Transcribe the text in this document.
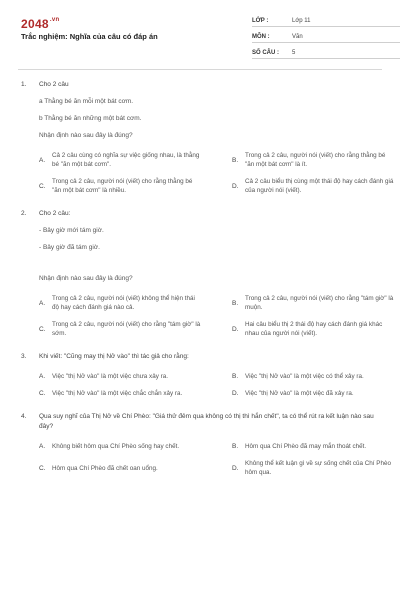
$2048^{.vn}$
Trắc nghiệm: Nghĩa của câu có đáp án
LỚP :	Lớp 11
MÔN :	Văn
SỐ CÂU :	5
1.	Cho 2 câu
a Thằng bé ăn mỗi một bát cơm.
b Thằng bé ăn những một bát cơm.
Nhận định nào sau đây là đúng?
A.
Cả 2 câu cùng có nghĩa sự việc giống nhau, là thằng bé "ăn một bát cơm".
B.
Trong cả 2 câu, người nói (viết) cho rằng thằng bé "ăn một bát cơm" là ít.
C.
Trong cả 2 câu, người nói (viết) cho rằng thằng bé "ăn một bát cơm" là nhiều.
D.
Cả 2 câu biểu thị cùng một thái độ hay cách đánh giá của người nói (viết).
2.	Cho 2 câu:
- Bây giờ mới tám giờ.
- Bây giờ đã tám giờ.
Nhận định nào sau đây là đúng?
A.
Trong cả 2 câu, người nói (viết) không thể hiện thái độ hay cách đánh giá nào cả.
B.
Trong cả 2 câu, người nói (viết) cho rằng "tám giờ" là muộn.
C.
Trong cả 2 câu, người nói (viết) cho rằng "tám giờ" là sớm.
D.
Hai câu biểu thị 2 thái độ hay cách đánh giá khác nhau của người nói (viết).
3.	Khi viết: "Cũng may thị Nở vào" thì tác giả cho rằng:
A.	Việc "thị Nở vào" là một việc chưa xảy ra.	B.	Việc "thị Nở vào" là một việc có thể xảy ra.
C.	Việc "thị Nở vào" là một việc chắc chắn xảy ra.	D.	Việc "thị Nở vào" là một việc đã xảy ra.
4.	Qua suy nghĩ của Thị Nở về Chí Phèo: "Giá thử đêm qua không có thị thì hắn chết", ta có thể rút ra kết luận nào sau đây?
A.	Không biết hôm qua Chí Phèo sống hay chết.	B.	Hôm qua Chí Phèo đã may mắn thoát chết.
C.	Hôm qua Chí Phèo đã chết oan uổng.	D.
Không thể kết luận gì về sự sống chết của Chí Phèo hôm qua.
